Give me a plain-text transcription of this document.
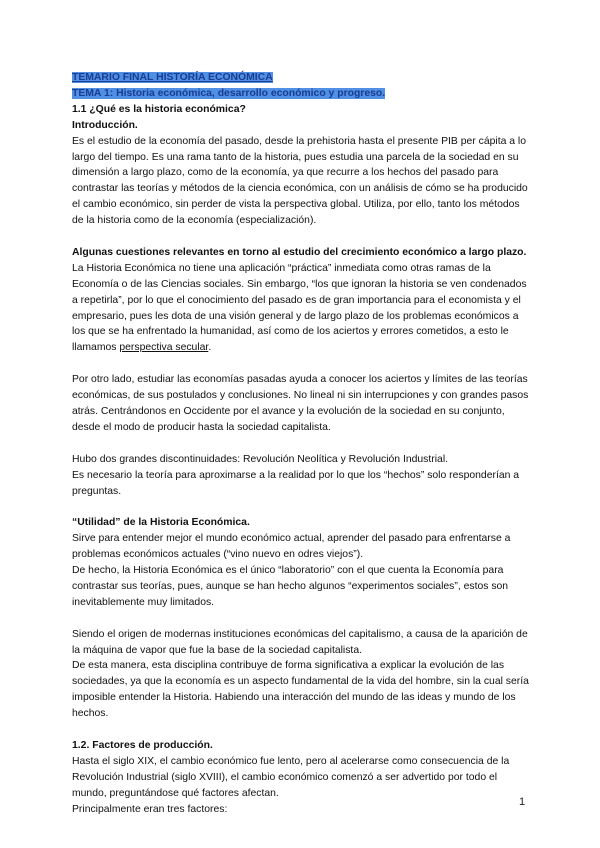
TEMARIO FINAL HISTORÍA ECONÓMICA

TEMA 1: Historia económica, desarrollo económico y progreso.

1.1 ¿Qué es la historia económica?

Introducción.

Es el estudio de la economía del pasado, desde la prehistoria hasta el presente PIB per cápita a lo largo del tiempo. Es una rama tanto de la historia, pues estudia una parcela de la sociedad en su dimensión a largo plazo, como de la economía, ya que recurre a los hechos del pasado para contrastar las teorías y métodos de la ciencia económica, con un análisis de cómo se ha producido el cambio económico, sin perder de vista la perspectiva global. Utiliza, por ello, tanto los métodos de la historia como de la economía (especialización).

Algunas cuestiones relevantes en torno al estudio del crecimiento económico a largo plazo.

La Historia Económica no tiene una aplicación “práctica” inmediata como otras ramas de la Economía o de las Ciencias sociales. Sin embargo, “los que ignoran la historia se ven condenados a repetirla”, por lo que el conocimiento del pasado es de gran importancia para el economista y el empresario, pues les dota de una visión general y de largo plazo de los problemas económicos a los que se ha enfrentado la humanidad, así como de los aciertos y errores cometidos, a esto le llamamos perspectiva secular.

Por otro lado, estudiar las economías pasadas ayuda a conocer los aciertos y límites de las teorías económicas, de sus postulados y conclusiones. No lineal ni sin interrupciones y con grandes pasos atrás. Centrándonos en Occidente por el avance y la evolución de la sociedad en su conjunto, desde el modo de producir hasta la sociedad capitalista.

Hubo dos grandes discontinuidades: Revolución Neolítica y Revolución Industrial.

Es necesario la teoría para aproximarse a la realidad por lo que los “hechos” solo responderían a preguntas.

“Utilidad” de la Historia Económica.

Sirve para entender mejor el mundo económico actual, aprender del pasado para enfrentarse a problemas económicos actuales (“vino nuevo en odres viejos”).

De hecho, la Historia Económica es el único “laboratorio” con el que cuenta la Economía para contrastar sus teorías, pues, aunque se han hecho algunos “experimentos sociales”, estos son inevitablemente muy limitados.

Siendo el origen de modernas instituciones económicas del capitalismo, a causa de la aparición de la máquina de vapor que fue la base de la sociedad capitalista.

De esta manera, esta disciplina contribuye de forma significativa a explicar la evolución de las sociedades, ya que la economía es un aspecto fundamental de la vida del hombre, sin la cual sería imposible entender la Historia. Habiendo una interacción del mundo de las ideas y mundo de los hechos.

1.2. Factores de producción.

Hasta el siglo XIX, el cambio económico fue lento, pero al acelerarse como consecuencia de la Revolución Industrial (siglo XVIII), el cambio económico comenzó a ser advertido por todo el mundo, preguntándose qué factores afectan.

Principalmente eran tres factores:

1
